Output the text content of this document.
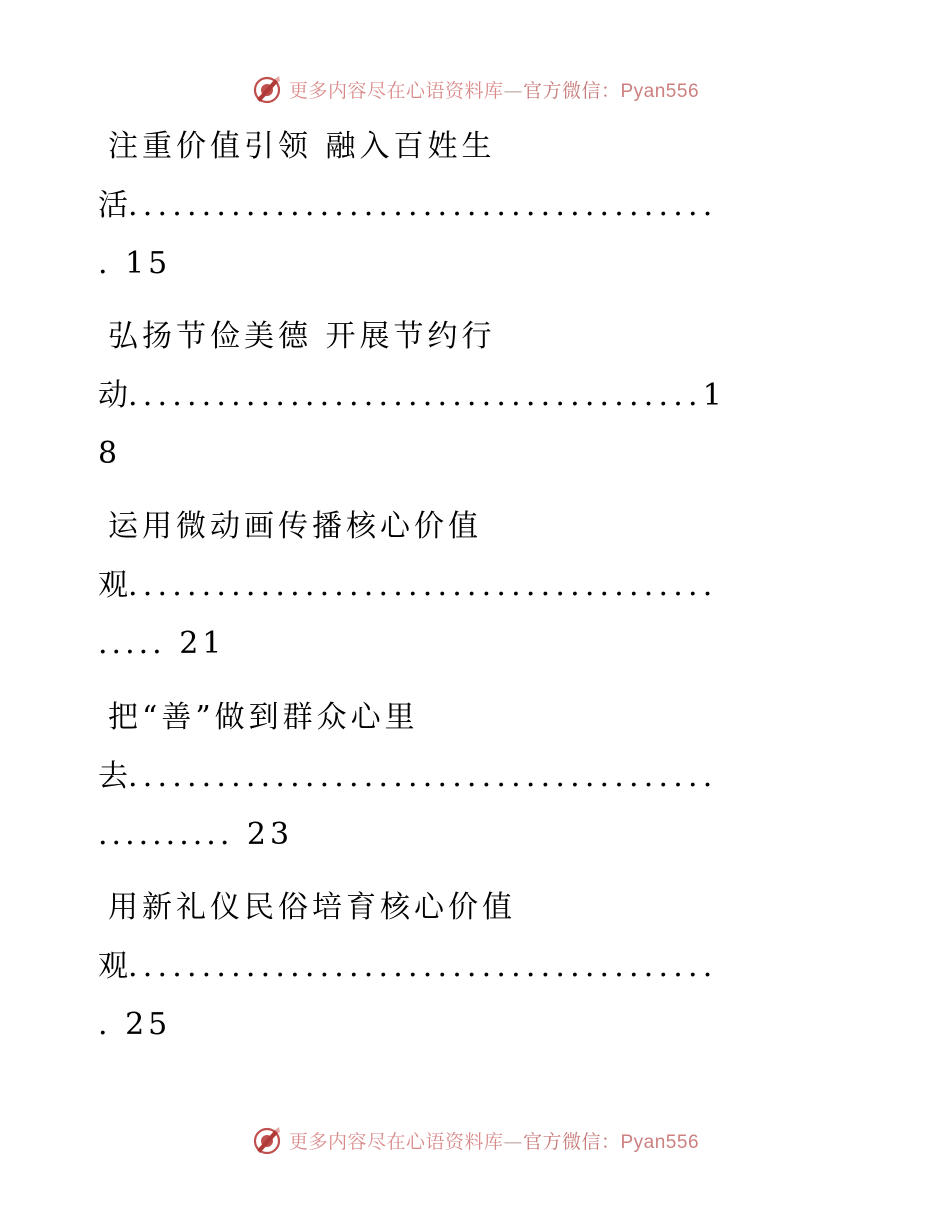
更多内容尽在心语资料库—官方微信：Pyan556
注重价值引领 融入百姓生
活........................................
. 15
弘扬节俭美德 开展节约行
动.......................................1
8
运用微动画传播核心价值
观........................................
..... 21
把“善”做到群众心里
去........................................
.......... 23
用新礼仪民俗培育核心价值
观........................................
. 25
更多内容尽在心语资料库—官方微信：Pyan556
